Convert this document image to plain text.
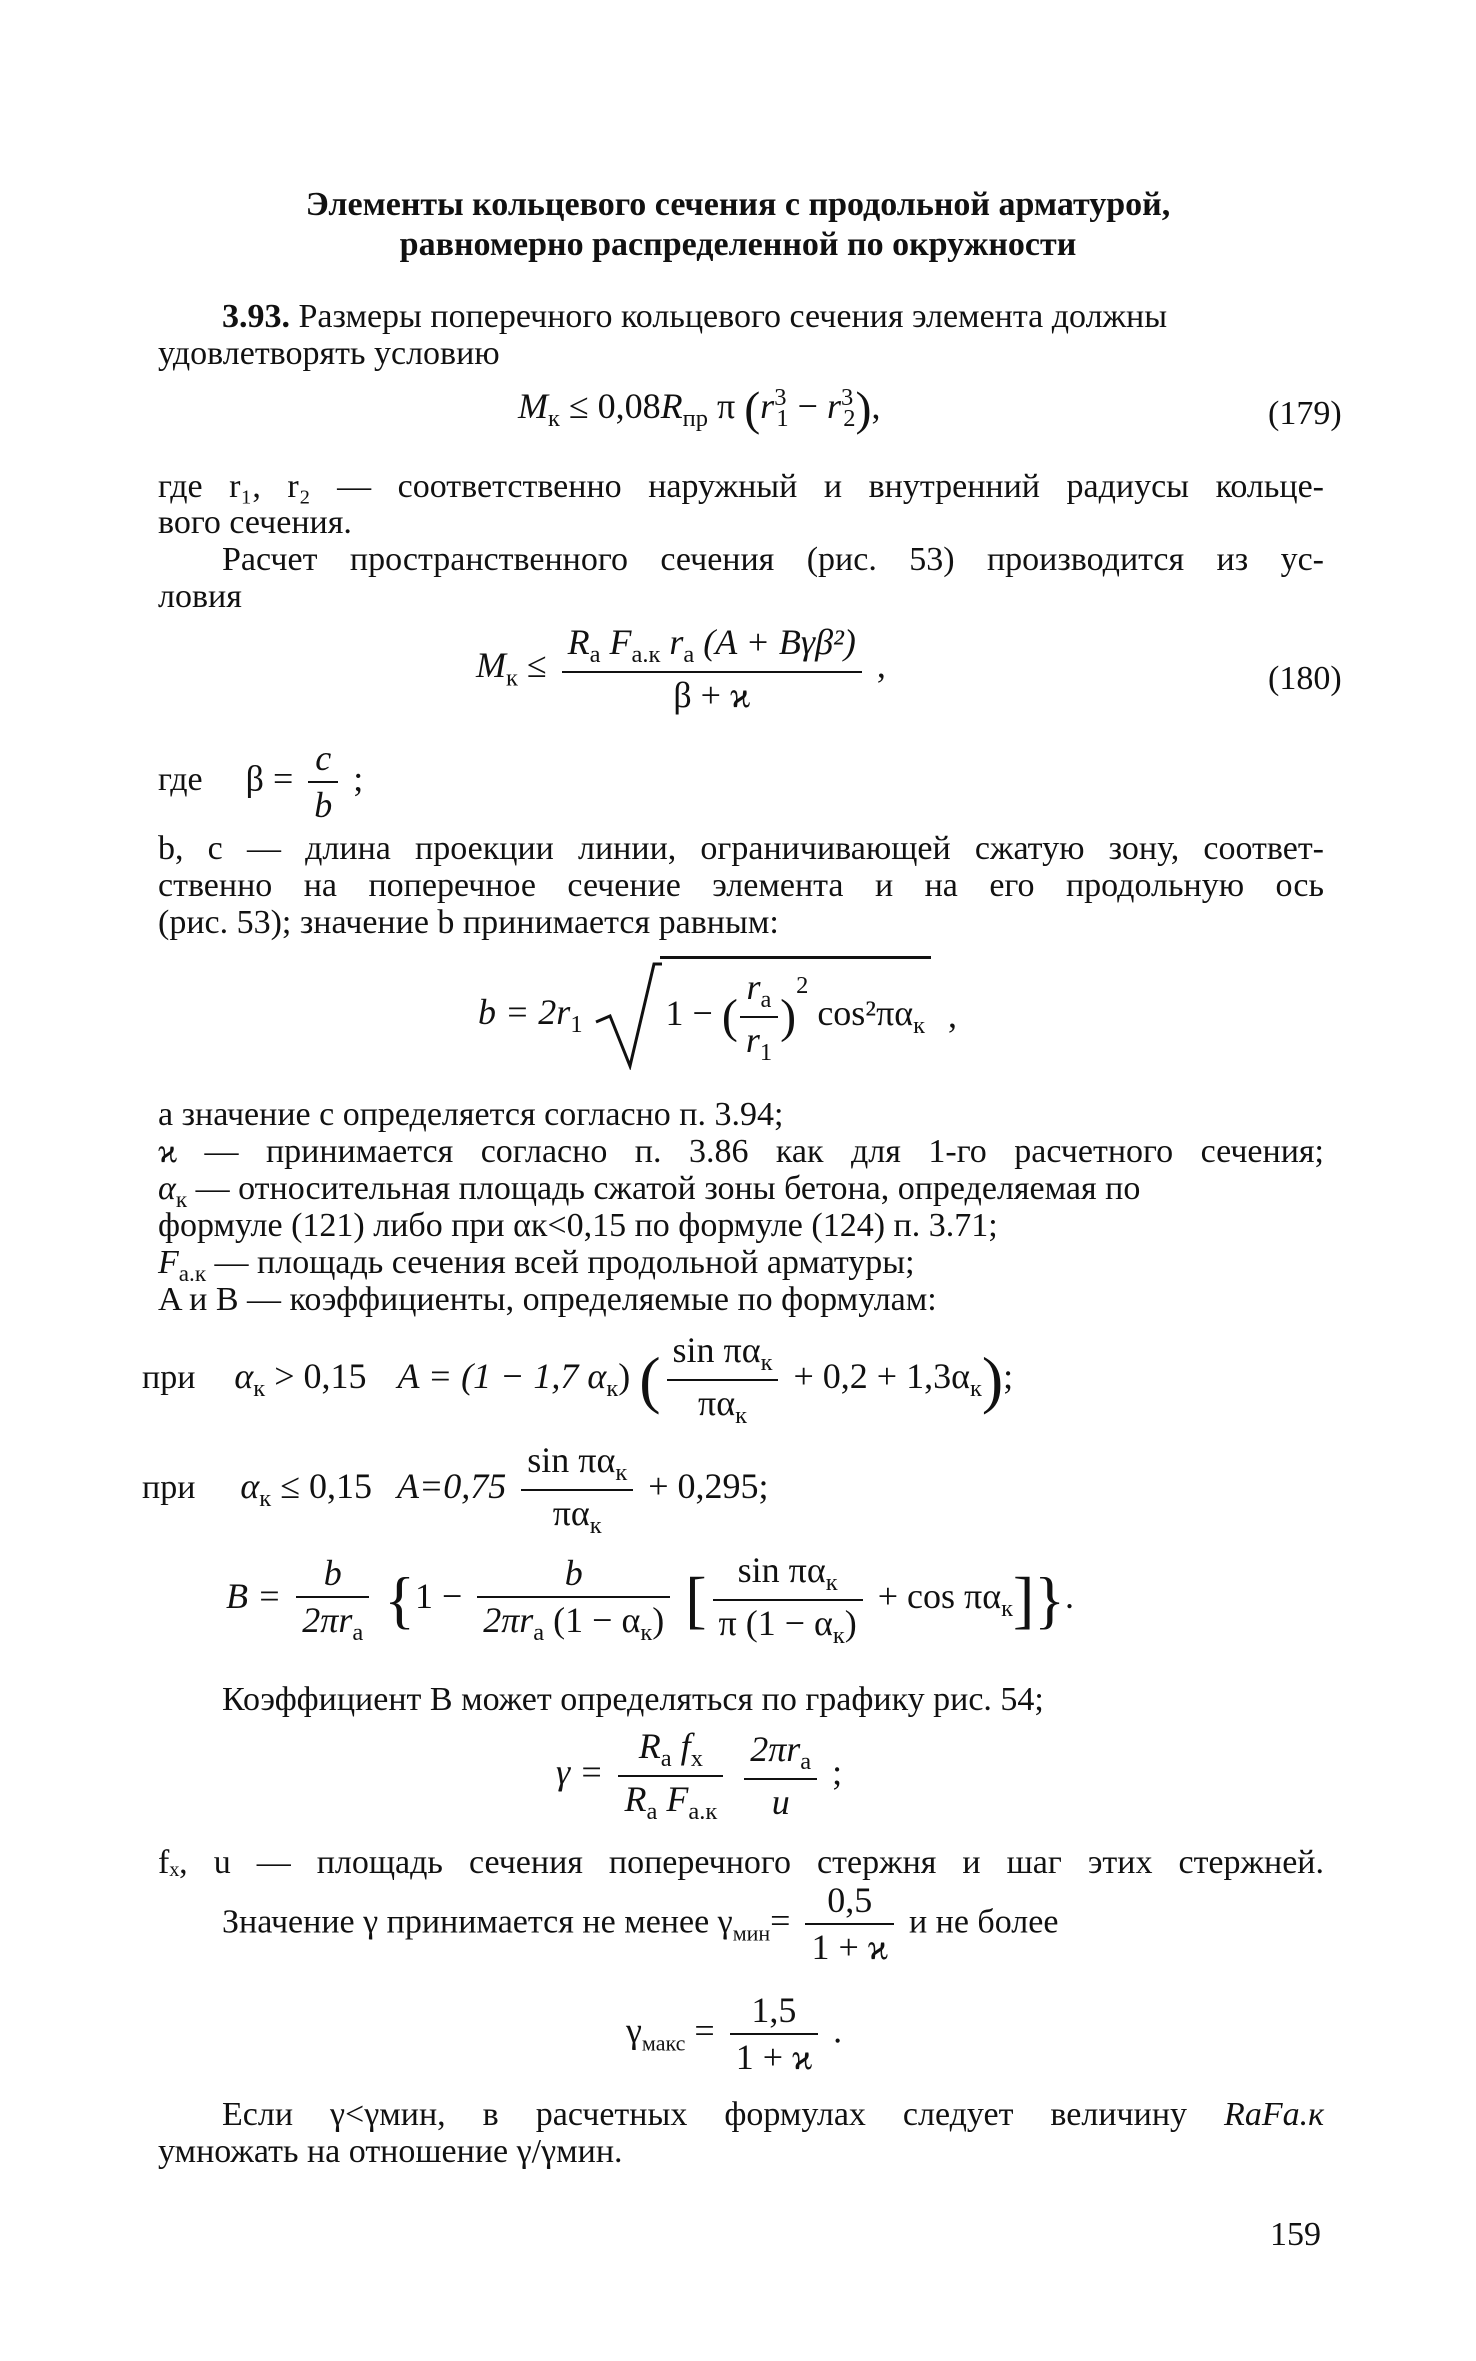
Элементы кольцевого сечения с продольной арматурой,
равномерно распределенной по окружности
3.93. Размеры поперечного кольцевого сечения элемента должны
удовлетворять условию
$M_к \le 0,08R_{пр}$ π $(r^3_1 - r^3_2)$,	(179)
где r₁, r₂ — соответственно наружный и внутренний радиусы кольце-
вого сечения.
Расчет пространственного сечения (рис. 53) производится из ус-
ловия
$M_к \le \frac{R_а F_{а.к} r_а (A + B\gamma\beta^2)}{\beta + ϰ}$ ,	(180)
где $\beta = \frac{c}{b}$ ;
b, c — длина проекции линии, ограничивающей сжатую зону, соответ-
ственно на поперечное сечение элемента и на его продольную ось
(рис. 53); значение b принимается равным:
$b = 2r_1$ 1 − ( $\frac{r_а}{r_1} )^2$ $\cos^2\pi\alpha_к$ ,
а значение c определяется согласно п. 3.94;
ϰ — принимается согласно п. 3.86 как для 1-го расчетного сечения;
$\alpha_к$ — относительная площадь сжатой зоны бетона, определяемая по
формуле (121) либо при αк<0,15 по формуле (124) п. 3.71;
$F_{а.к}$ — площадь сечения всей продольной арматуры;
A и B — коэффициенты, определяемые по формулам:
при $\alpha_к > 0,15$ A = (1 − 1,7 $\alpha_к$) ( $\frac{\sin \pi\alpha_к}{\pi\alpha_к} + 0,2 + 1,3\alpha_к$);
при $\alpha_к \le 0,15$ $A=0,75 \frac{\sin \pi\alpha_к}{\pi\alpha_к} + 0,295$;
$B = \frac{b}{2\pi r_а} \{1 - \frac{b}{2\pi r_а (1 - \alpha_к)}$ [ $\frac{\sin \pi\alpha_к}{\pi (1 - \alpha_к)} + \cos \pi\alpha_к$]}.
Коэффициент B может определяться по графику рис. 54;
$\gamma = \frac{R_а f_x}{R_а F_{а.к}}$
$\frac{2\pi r_а}{u}$ ;
fₓ, u — площадь сечения поперечного стержня и шаг этих стержней.
Значение γ принимается не менее $\gamma_{мин}= \frac{0,5}{1 + ϰ}$ и не более
$\gamma_{макс} = \frac{1,5}{1 + ϰ}$ .
Если γ<γмин, в расчетных формулах следует величину RаFа.к
умножать на отношение γ/γмин.
159
